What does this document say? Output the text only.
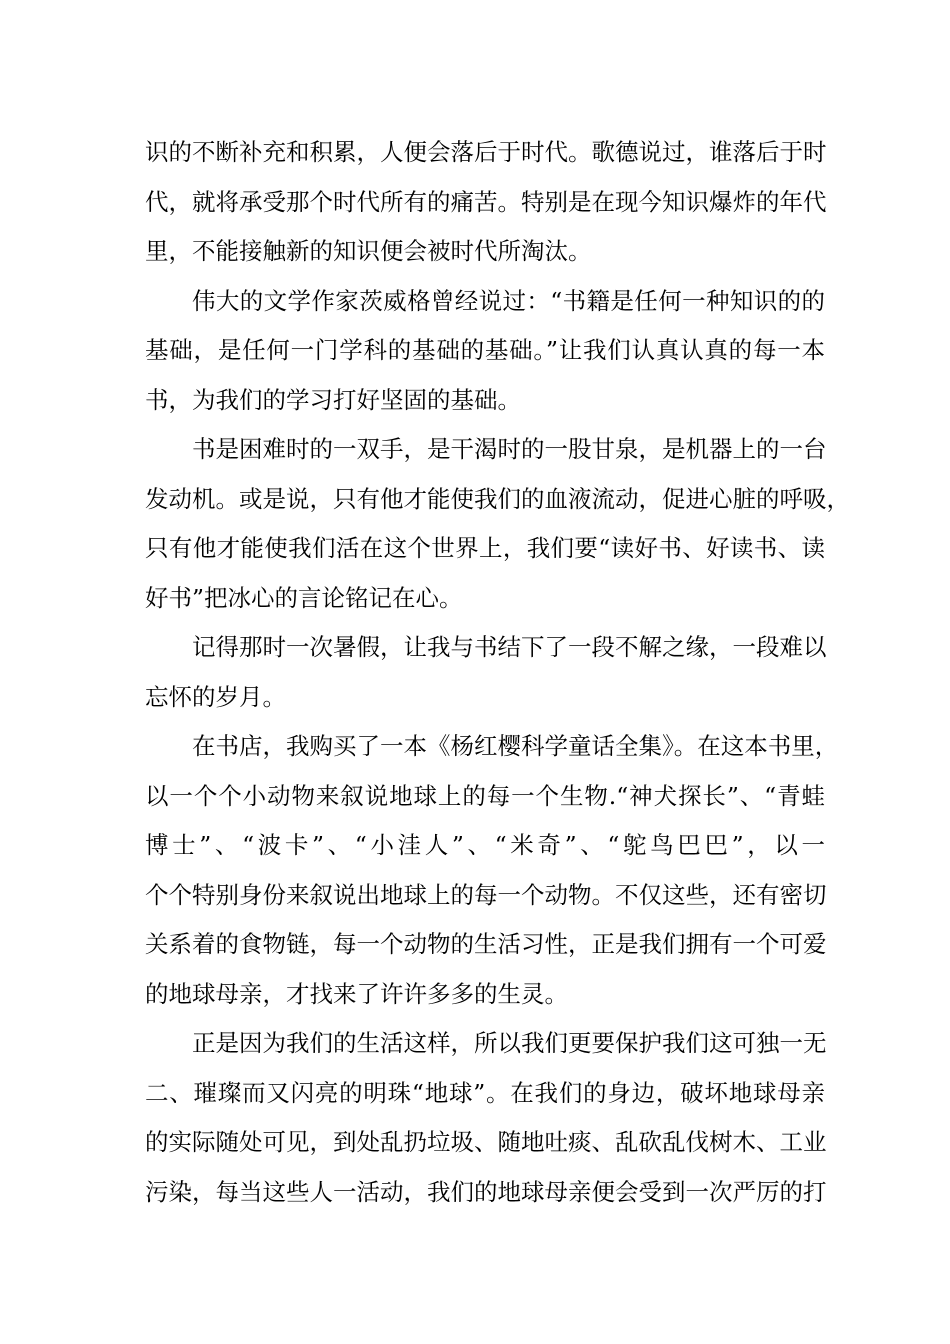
识的不断补充和积累，人便会落后于时代。歌德说过，谁落后于时
代，就将承受那个时代所有的痛苦。特别是在现今知识爆炸的年代
里，不能接触新的知识便会被时代所淘汰。
伟大的文学作家茨威格曾经说过：“书籍是任何一种知识的的
基础，是任何一门学科的基础的基础。”让我们认真认真的每一本
书，为我们的学习打好坚固的基础。
书是困难时的一双手，是干渴时的一股甘泉，是机器上的一台
发动机。或是说，只有他才能使我们的血液流动，促进心脏的呼吸，
只有他才能使我们活在这个世界上，我们要“读好书、好读书、读
好书”把冰心的言论铭记在心。
记得那时一次暑假，让我与书结下了一段不解之缘，一段难以
忘怀的岁月。
在书店，我购买了一本《杨红樱科学童话全集》。在这本书里，
以一个个小动物来叙说地球上的每一个生物.“神犬探长”、“青蛙
博士”、“波卡”、“小洼人”、“米奇”、“鸵鸟巴巴”，以一
个个特别身份来叙说出地球上的每一个动物。不仅这些，还有密切
关系着的食物链，每一个动物的生活习性，正是我们拥有一个可爱
的地球母亲，才找来了许许多多的生灵。
正是因为我们的生活这样，所以我们更要保护我们这可独一无
二、璀璨而又闪亮的明珠“地球”。在我们的身边，破坏地球母亲
的实际随处可见，到处乱扔垃圾、随地吐痰、乱砍乱伐树木、工业
污染，每当这些人一活动，我们的地球母亲便会受到一次严厉的打
